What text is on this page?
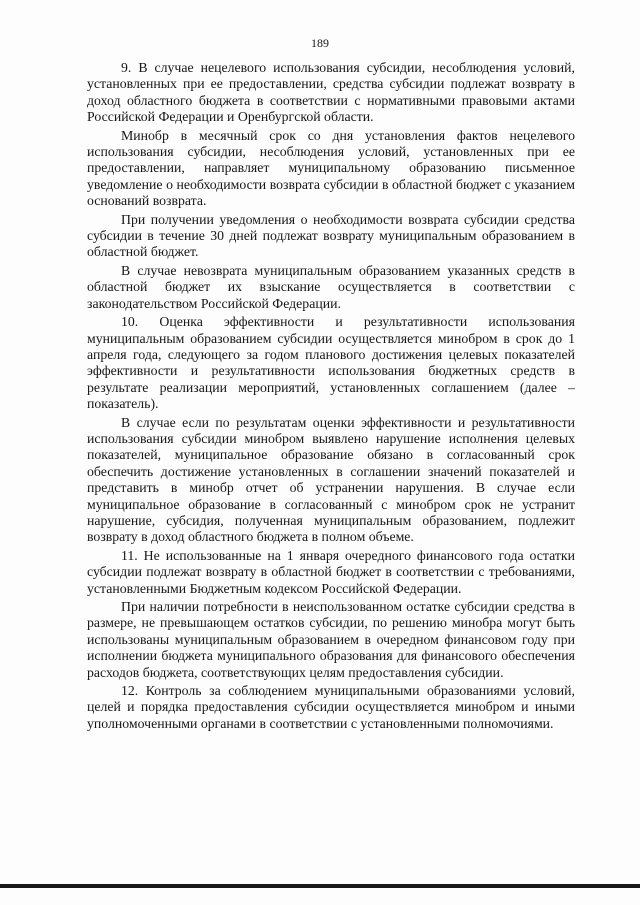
189

9. В случае нецелевого использования субсидии, несоблюдения условий, установленных при ее предоставлении, средства субсидии подлежат возврату в доход областного бюджета в соответствии с нормативными правовыми актами Российской Федерации и Оренбургской области.

Минобр в месячный срок со дня установления фактов нецелевого использования субсидии, несоблюдения условий, установленных при ее предоставлении, направляет муниципальному образованию письменное уведомление о необходимости возврата субсидии в областной бюджет с указанием оснований возврата.

При получении уведомления о необходимости возврата субсидии средства субсидии в течение 30 дней подлежат возврату муниципальным образованием в областной бюджет.

В случае невозврата муниципальным образованием указанных средств в областной бюджет их взыскание осуществляется в соответствии с законодательством Российской Федерации.

10. Оценка эффективности и результативности использования муниципальным образованием субсидии осуществляется минобром в срок до 1 апреля года, следующего за годом планового достижения целевых показателей эффективности и результативности использования бюджетных средств в результате реализации мероприятий, установленных соглашением (далее – показатель).

В случае если по результатам оценки эффективности и результативности использования субсидии минобром выявлено нарушение исполнения целевых показателей, муниципальное образование обязано в согласованный срок обеспечить достижение установленных в соглашении значений показателей и представить в минобр отчет об устранении нарушения. В случае если муниципальное образование в согласованный с минобром срок не устранит нарушение, субсидия, полученная муниципальным образованием, подлежит возврату в доход областного бюджета в полном объеме.

11. Не использованные на 1 января очередного финансового года остатки субсидии подлежат возврату в областной бюджет в соответствии с требованиями, установленными Бюджетным кодексом Российской Федерации.

При наличии потребности в неиспользованном остатке субсидии средства в размере, не превышающем остатков субсидии, по решению минобра могут быть использованы муниципальным образованием в очередном финансовом году при исполнении бюджета муниципального образования для финансового обеспечения расходов бюджета, соответствующих целям предоставления субсидии.

12. Контроль за соблюдением муниципальными образованиями условий, целей и порядка предоставления субсидии осуществляется минобром и иными уполномоченными органами в соответствии с установленными полномочиями.
